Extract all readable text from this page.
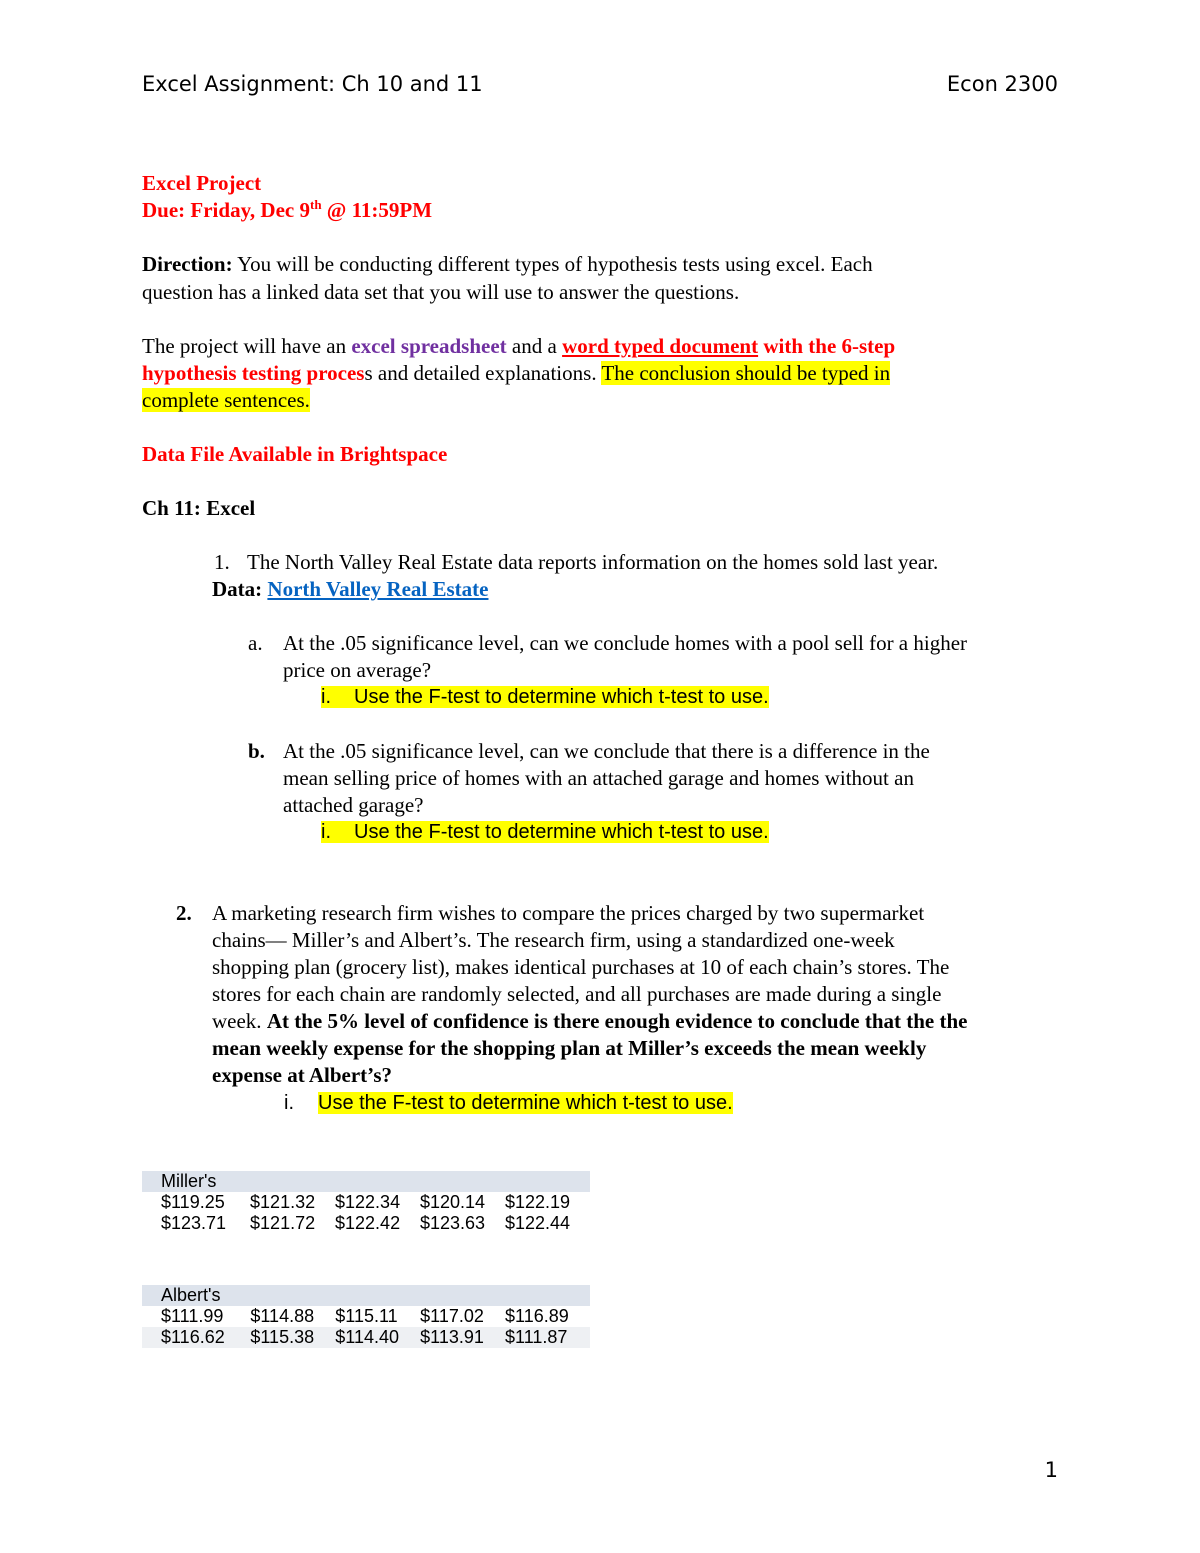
Excel Assignment: Ch 10 and 11	Econ 2300
Excel Project
Due: Friday, Dec 9th @ 11:59PM
Direction: You will be conducting different types of hypothesis tests using excel. Each
question has a linked data set that you will use to answer the questions.
The project will have an excel spreadsheet and a word typed document with the 6-step
hypothesis testing process and detailed explanations. The conclusion should be typed in
complete sentences.
Data File Available in Brightspace
Ch 11: Excel
1. The North Valley Real Estate data reports information on the homes sold last year.
Data: North Valley Real Estate
a. At the .05 significance level, can we conclude homes with a pool sell for a higher
price on average?
i. Use the F-test to determine which t-test to use.
b. At the .05 significance level, can we conclude that there is a difference in the
mean selling price of homes with an attached garage and homes without an
attached garage?
i. Use the F-test to determine which t-test to use.
2. A marketing research firm wishes to compare the prices charged by two supermarket
chains— Miller’s and Albert’s. The research firm, using a standardized one-week
shopping plan (grocery list), makes identical purchases at 10 of each chain’s stores. The
stores for each chain are randomly selected, and all purchases are made during a single
week. At the 5% level of confidence is there enough evidence to conclude that the the
mean weekly expense for the shopping plan at Miller’s exceeds the mean weekly
expense at Albert’s?
i. Use the F-test to determine which t-test to use.
Miller's				
$119.25	$121.32	$122.34	$120.14	$122.19
$123.71	$121.72	$122.42	$123.63	$122.44
Albert's				
$111.99	$114.88	$115.11	$117.02	$116.89
$116.62	$115.38	$114.40	$113.91	$111.87
1
